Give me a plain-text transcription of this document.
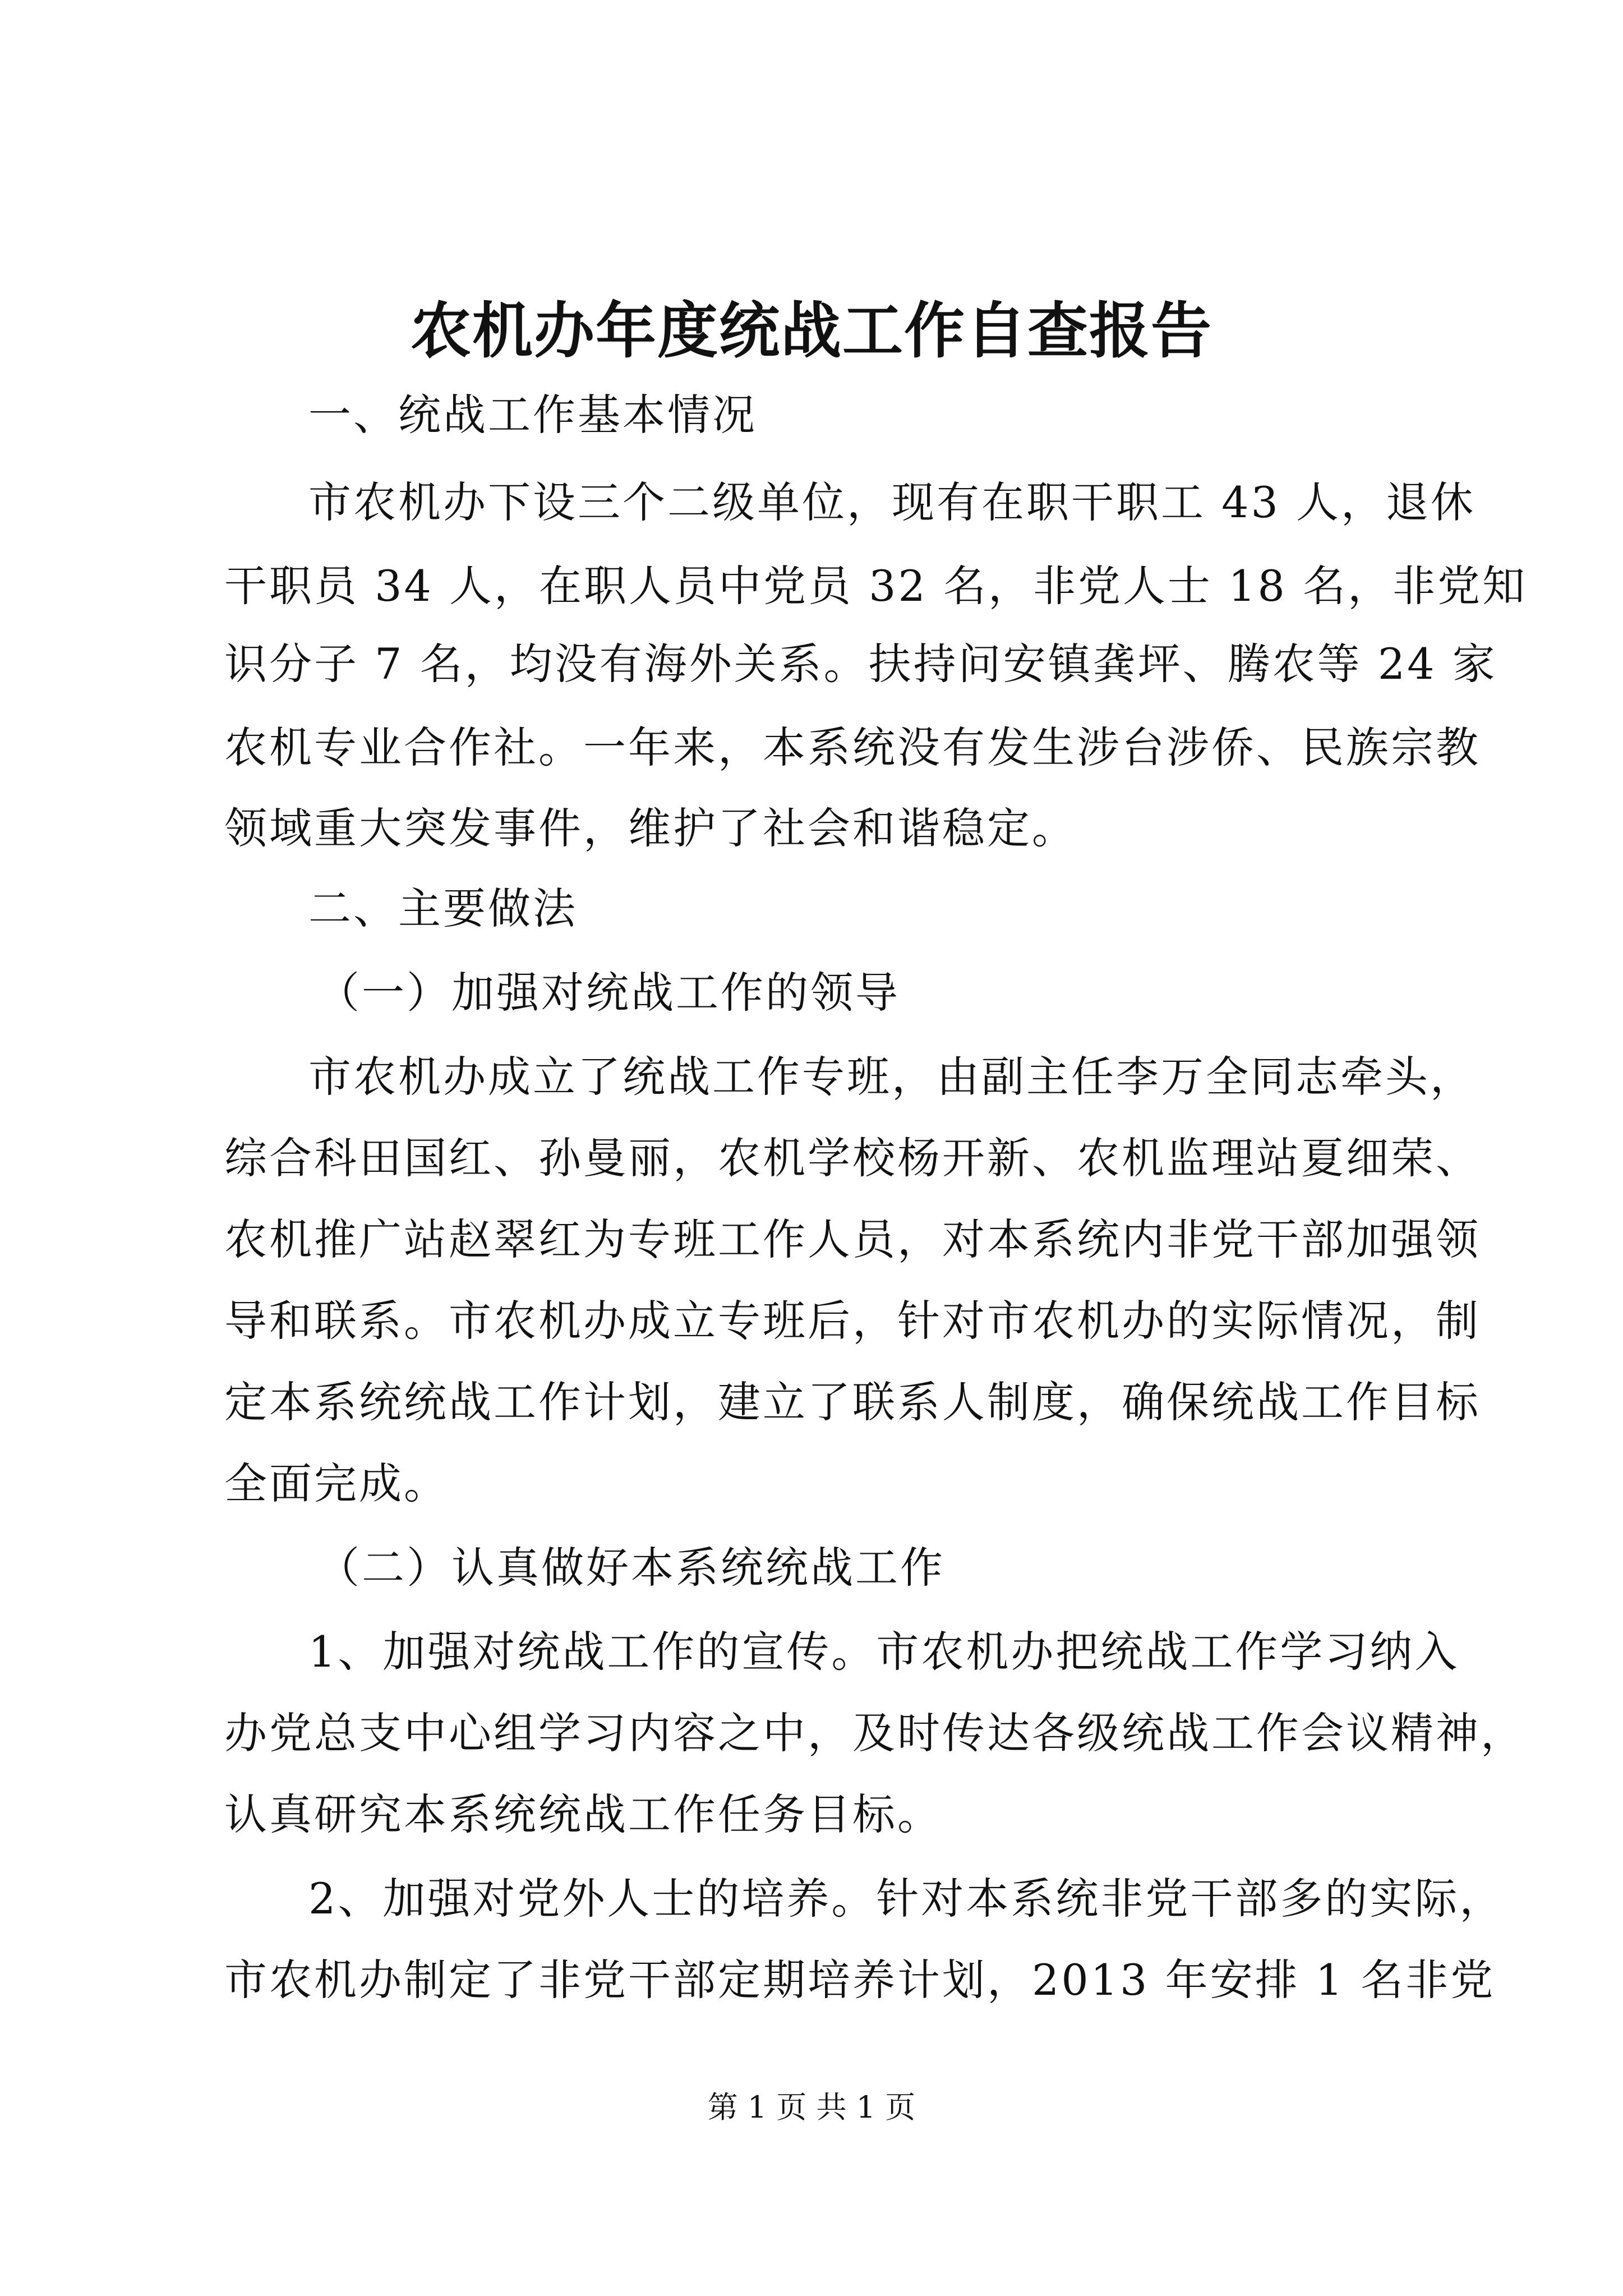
农机办年度统战工作自查报告
一、统战工作基本情况
市农机办下设三个二级单位，现有在职干职工 43 人，退休
干职员 34 人，在职人员中党员 32 名，非党人士 18 名，非党知
识分子 7 名，均没有海外关系。扶持问安镇龚坪、腾农等 24 家
农机专业合作社。一年来，本系统没有发生涉台涉侨、民族宗教
领域重大突发事件，维护了社会和谐稳定。
二、主要做法
（一）加强对统战工作的领导
市农机办成立了统战工作专班，由副主任李万全同志牵头，
综合科田国红、孙曼丽，农机学校杨开新、农机监理站夏细荣、
农机推广站赵翠红为专班工作人员，对本系统内非党干部加强领
导和联系。市农机办成立专班后，针对市农机办的实际情况，制
定本系统统战工作计划，建立了联系人制度，确保统战工作目标
全面完成。
（二）认真做好本系统统战工作
1、加强对统战工作的宣传。市农机办把统战工作学习纳入
办党总支中心组学习内容之中，及时传达各级统战工作会议精神，
认真研究本系统统战工作任务目标。
2、加强对党外人士的培养。针对本系统非党干部多的实际，
市农机办制定了非党干部定期培养计划，2013 年安排 1 名非党
第 1 页 共 1 页
